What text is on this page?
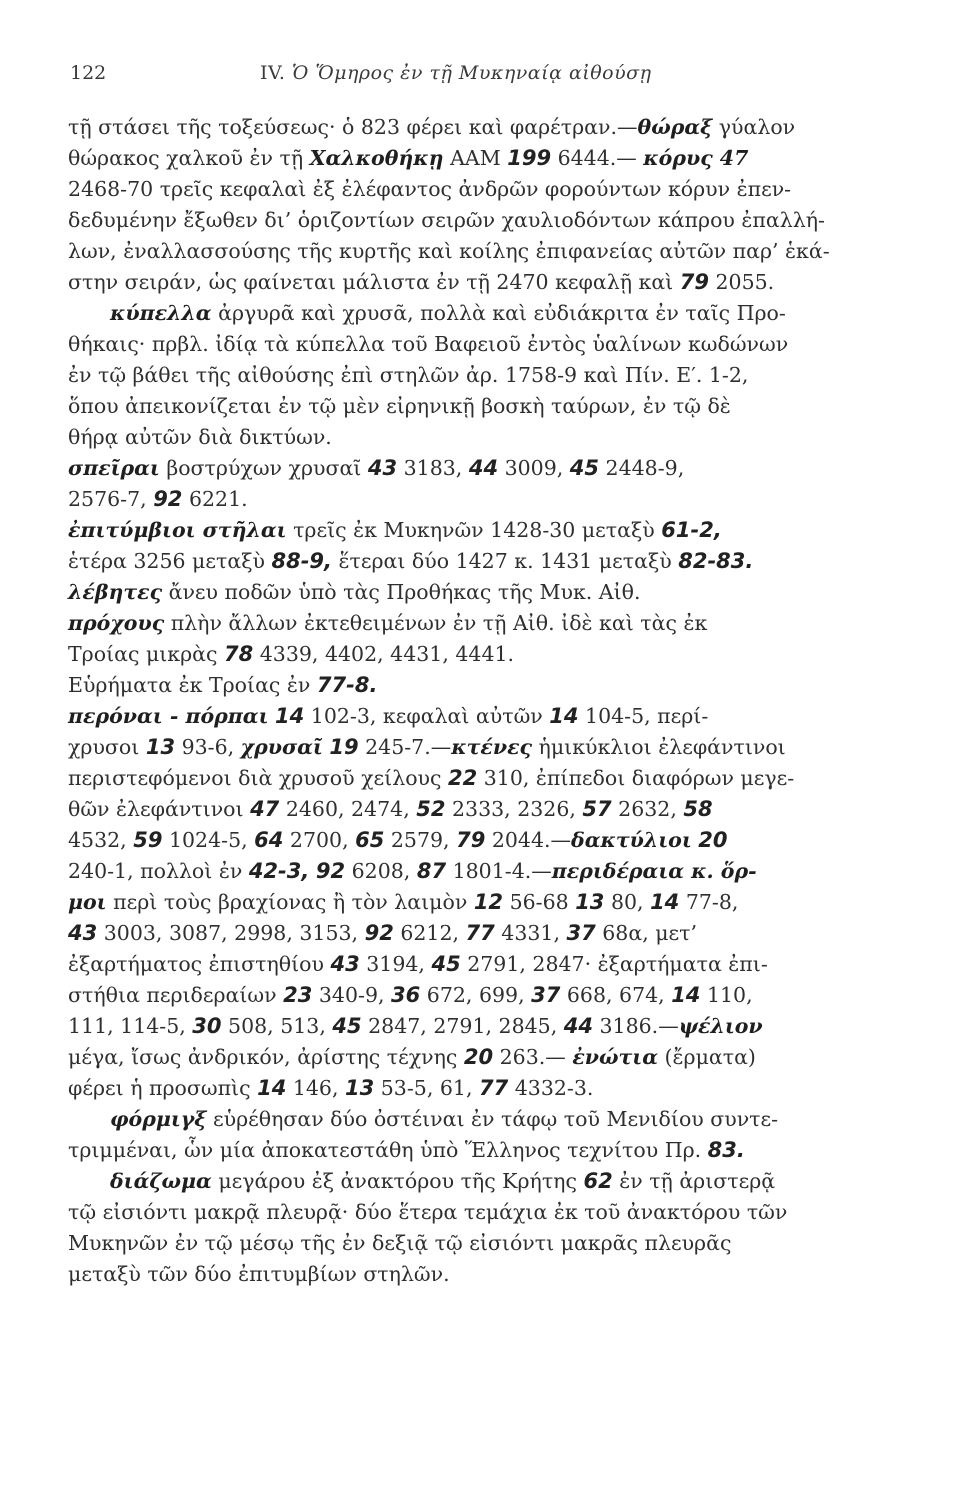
122	IV. Ὁ Ὅμηρος ἐν τῇ Μυκηναίᾳ αἰθούσῃ
τῇ στάσει τῆς τοξεύσεως· ὁ 823 φέρει καὶ φαρέτραν.—θώραξ γύαλον
θώρακος χαλκοῦ ἐν τῇ Χαλκοθήκῃ ΑΑΜ 199 6444.— κόρυς 47
2468-70 τρεῖς κεφαλαὶ ἐξ ἐλέφαντος ἀνδρῶν φορούντων κόρυν ἐπεν-
δεδυμένην ἔξωθεν δι’ ὁριζοντίων σειρῶν χαυλιοδόντων κάπρου ἐπαλλή-
λων, ἐναλλασσούσης τῆς κυρτῆς καὶ κοίλης ἐπιφανείας αὐτῶν παρ’ ἑκά-
στην σειράν, ὡς φαίνεται μάλιστα ἐν τῇ 2470 κεφαλῇ καὶ 79 2055.
κύπελλα ἀργυρᾶ καὶ χρυσᾶ, πολλὰ καὶ εὐδιάκριτα ἐν ταῖς Προ-
θήκαις· πρβλ. ἰδίᾳ τὰ κύπελλα τοῦ Βαφειοῦ ἐντὸς ὑαλίνων κωδώνων
ἐν τῷ βάθει τῆς αἰθούσης ἐπὶ στηλῶν ἀρ. 1758-9 καὶ Πίν. Ε′. 1-2,
ὅπου ἀπεικονίζεται ἐν τῷ μὲν εἰρηνικῇ βοσκὴ ταύρων, ἐν τῷ δὲ
θήρᾳ αὐτῶν διὰ δικτύων.
σπεῖραι βοστρύχων χρυσαῖ 43 3183, 44 3009, 45 2448-9,
2576-7, 92 6221.
ἐπιτύμβιοι στῆλαι τρεῖς ἐκ Μυκηνῶν 1428-30 μεταξὺ 61-2,
ἑτέρα 3256 μεταξὺ 88-9, ἕτεραι δύο 1427 κ. 1431 μεταξὺ 82-83.
λέβητες ἄνευ ποδῶν ὑπὸ τὰς Προθήκας τῆς Μυκ. Αἰθ.
πρόχους πλὴν ἄλλων ἐκτεθειμένων ἐν τῇ Αἰθ. ἰδὲ καὶ τὰς ἐκ
Τροίας μικρὰς 78 4339, 4402, 4431, 4441.
Εὑρήματα ἐκ Τροίας ἐν 77-8.
περόναι - πόρπαι 14 102-3, κεφαλαὶ αὐτῶν 14 104-5, περί-
χρυσοι 13 93-6, χρυσαῖ 19 245-7.—κτένες ἡμικύκλιοι ἐλεφάντινοι
περιστεφόμενοι διὰ χρυσοῦ χείλους 22 310, ἐπίπεδοι διαφόρων μεγε-
θῶν ἐλεφάντινοι 47 2460, 2474, 52 2333, 2326, 57 2632, 58
4532, 59 1024-5, 64 2700, 65 2579, 79 2044.—δακτύλιοι 20
240-1, πολλοὶ ἐν 42-3, 92 6208, 87 1801-4.—περιδέραια κ. ὅρ-
μοι περὶ τοὺς βραχίονας ἢ τὸν λαιμὸν 12 56-68 13 80, 14 77-8,
43 3003, 3087, 2998, 3153, 92 6212, 77 4331, 37 68α, μετ’
ἐξαρτήματος ἐπιστηθίου 43 3194, 45 2791, 2847· ἐξαρτήματα ἐπι-
στήθια περιδεραίων 23 340-9, 36 672, 699, 37 668, 674, 14 110,
111, 114-5, 30 508, 513, 45 2847, 2791, 2845, 44 3186.—ψέλιον
μέγα, ἴσως ἀνδρικόν, ἀρίστης τέχνης 20 263.— ἐνώτια (ἔρματα)
φέρει ἡ προσωπὶς 14 146, 13 53-5, 61, 77 4332-3.
φόρμιγξ εὑρέθησαν δύο ὀστέιναι ἐν τάφῳ τοῦ Μενιδίου συντε-
τριμμέναι, ὧν μία ἀποκατεστάθη ὑπὸ Ἕλληνος τεχνίτου Πρ. 83.
διάζωμα μεγάρου ἐξ ἀνακτόρου τῆς Κρήτης 62 ἐν τῇ ἀριστερᾷ
τῷ εἰσιόντι μακρᾷ πλευρᾷ· δύο ἕτερα τεμάχια ἐκ τοῦ ἀνακτόρου τῶν
Μυκηνῶν ἐν τῷ μέσῳ τῆς ἐν δεξιᾷ τῷ εἰσιόντι μακρᾶς πλευρᾶς
μεταξὺ τῶν δύο ἐπιτυμβίων στηλῶν.
